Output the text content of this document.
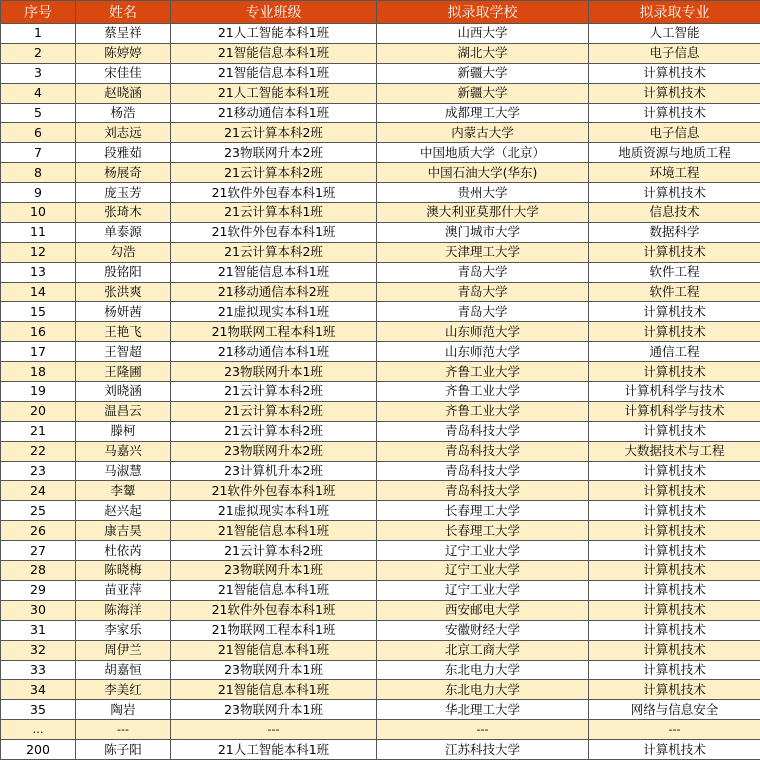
序号	姓名	专业班级	拟录取学校	拟录取专业
1	蔡呈祥	21人工智能本科1班	山西大学	人工智能
2	陈婷婷	21智能信息本科1班	湖北大学	电子信息
3	宋佳佳	21智能信息本科1班	新疆大学	计算机技术
4	赵晓涵	21人工智能本科1班	新疆大学	计算机技术
5	杨浩	21移动通信本科1班	成都理工大学	计算机技术
6	刘志远	21云计算本科2班	内蒙古大学	电子信息
7	段雅茹	23物联网升本2班	中国地质大学（北京）	地质资源与地质工程
8	杨展奇	21云计算本科2班	中国石油大学(华东)	环境工程
9	庞玉芳	21软件外包春本科1班	贵州大学	计算机技术
10	张琦木	21云计算本科1班	澳大利亚莫那什大学	信息技术
11	单泰源	21软件外包春本科1班	澳门城市大学	数据科学
12	勾浩	21云计算本科2班	天津理工大学	计算机技术
13	殷铭阳	21智能信息本科1班	青岛大学	软件工程
14	张洪爽	21移动通信本科2班	青岛大学	软件工程
15	杨妍茜	21虚拟现实本科1班	青岛大学	计算机技术
16	王艳飞	21物联网工程本科1班	山东师范大学	计算机技术
17	王智超	21移动通信本科1班	山东师范大学	通信工程
18	王隆圃	23物联网升本1班	齐鲁工业大学	计算机技术
19	刘晓涵	21云计算本科2班	齐鲁工业大学	计算机科学与技术
20	温昌云	21云计算本科2班	齐鲁工业大学	计算机科学与技术
21	滕柯	21云计算本科2班	青岛科技大学	计算机技术
22	马嘉兴	23物联网升本2班	青岛科技大学	大数据技术与工程
23	马淑慧	23计算机升本2班	青岛科技大学	计算机技术
24	李颦	21软件外包春本科1班	青岛科技大学	计算机技术
25	赵兴起	21虚拟现实本科1班	长春理工大学	计算机技术
26	康吉昊	21智能信息本科1班	长春理工大学	计算机技术
27	杜依芮	21云计算本科2班	辽宁工业大学	计算机技术
28	陈晓梅	23物联网升本1班	辽宁工业大学	计算机技术
29	苗亚萍	21智能信息本科1班	辽宁工业大学	计算机技术
30	陈海洋	21软件外包春本科1班	西安邮电大学	计算机技术
31	李家乐	21物联网工程本科1班	安徽财经大学	计算机技术
32	周伊兰	21智能信息本科1班	北京工商大学	计算机技术
33	胡嘉恒	23物联网升本1班	东北电力大学	计算机技术
34	李美红	21智能信息本科1班	东北电力大学	计算机技术
35	陶岩	23物联网升本1班	华北理工大学	网络与信息安全
…	---	---	---	---
200	陈子阳	21人工智能本科1班	江苏科技大学	计算机技术
